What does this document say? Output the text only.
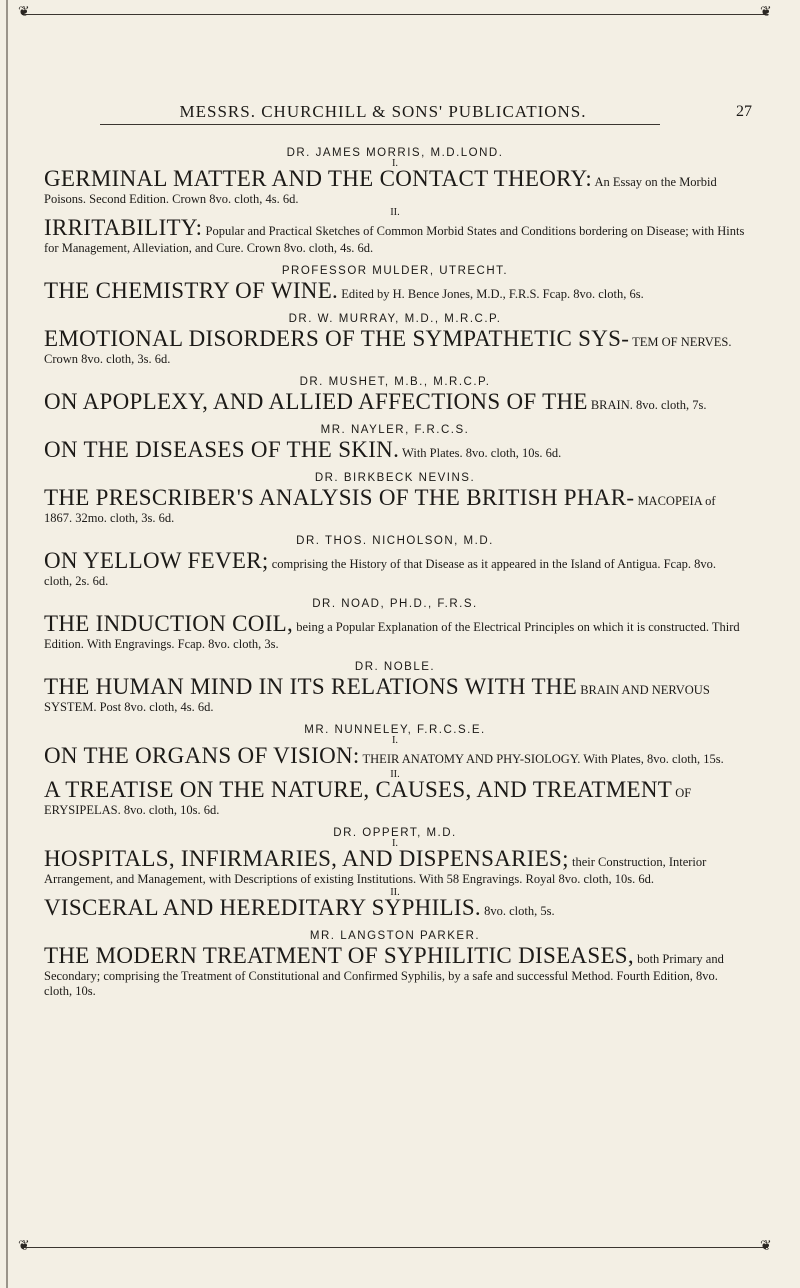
❦	❦
MESSRS. CHURCHILL & SONS' PUBLICATIONS.	27
DR. JAMES MORRIS, M.D.LOND.
I.
GERMINAL MATTER AND THE CONTACT THEORY: An Essay on the Morbid Poisons. Second Edition. Crown 8vo. cloth, 4s. 6d.
II.
IRRITABILITY: Popular and Practical Sketches of Common Morbid States and Conditions bordering on Disease; with Hints for Management, Alleviation, and Cure. Crown 8vo. cloth, 4s. 6d.
PROFESSOR MULDER, UTRECHT.
THE CHEMISTRY OF WINE. Edited by H. Bence Jones, M.D., F.R.S. Fcap. 8vo. cloth, 6s.
DR. W. MURRAY, M.D., M.R.C.P.
EMOTIONAL DISORDERS OF THE SYMPATHETIC SYS- TEM OF NERVES. Crown 8vo. cloth, 3s. 6d.
DR. MUSHET, M.B., M.R.C.P.
ON APOPLEXY, AND ALLIED AFFECTIONS OF THE BRAIN. 8vo. cloth, 7s.
MR. NAYLER, F.R.C.S.
ON THE DISEASES OF THE SKIN. With Plates. 8vo. cloth, 10s. 6d.
DR. BIRKBECK NEVINS.
THE PRESCRIBER'S ANALYSIS OF THE BRITISH PHAR- MACOPEIA of 1867. 32mo. cloth, 3s. 6d.
DR. THOS. NICHOLSON, M.D.
ON YELLOW FEVER; comprising the History of that Disease as it appeared in the Island of Antigua. Fcap. 8vo. cloth, 2s. 6d.
DR. NOAD, PH.D., F.R.S.
THE INDUCTION COIL, being a Popular Explanation of the Electrical Principles on which it is constructed. Third Edition. With Engravings. Fcap. 8vo. cloth, 3s.
DR. NOBLE.
THE HUMAN MIND IN ITS RELATIONS WITH THE BRAIN AND NERVOUS SYSTEM. Post 8vo. cloth, 4s. 6d.
MR. NUNNELEY, F.R.C.S.E.
I.
ON THE ORGANS OF VISION: THEIR ANATOMY AND PHY-SIOLOGY. With Plates, 8vo. cloth, 15s.
II.
A TREATISE ON THE NATURE, CAUSES, AND TREATMENT OF ERYSIPELAS. 8vo. cloth, 10s. 6d.
DR. OPPERT, M.D.
I.
HOSPITALS, INFIRMARIES, AND DISPENSARIES; their Construction, Interior Arrangement, and Management, with Descriptions of existing Institutions. With 58 Engravings. Royal 8vo. cloth, 10s. 6d.
II.
VISCERAL AND HEREDITARY SYPHILIS. 8vo. cloth, 5s.
MR. LANGSTON PARKER.
THE MODERN TREATMENT OF SYPHILITIC DISEASES, both Primary and Secondary; comprising the Treatment of Constitutional and Confirmed Syphilis, by a safe and successful Method. Fourth Edition, 8vo. cloth, 10s.
❦	❦
